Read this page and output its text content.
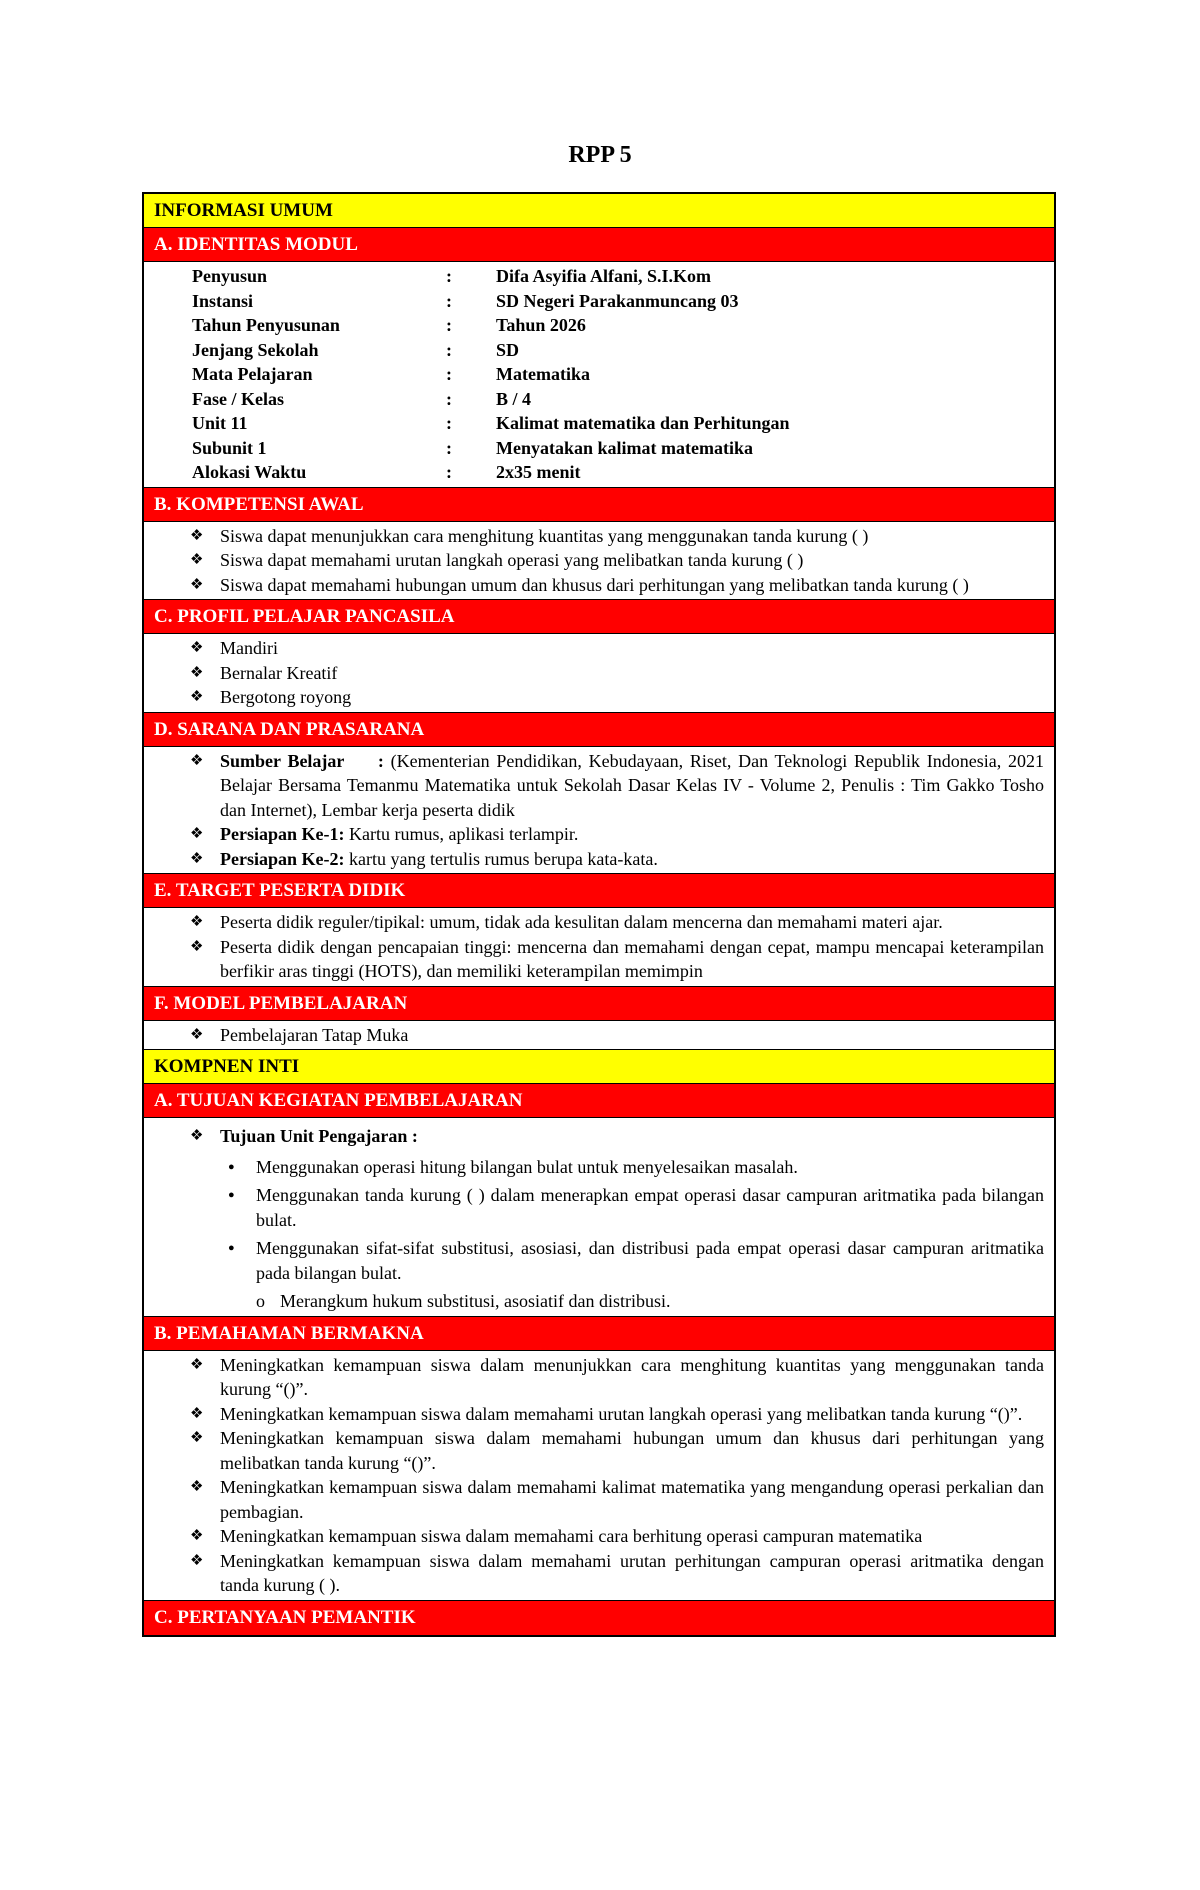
RPP 5
INFORMASI UMUM
A. IDENTITAS MODUL
Penyusun	:	Difa Asyifia Alfani, S.I.Kom
Instansi	:	SD Negeri Parakanmuncang 03
Tahun Penyusunan	:	Tahun 2026
Jenjang Sekolah	:	SD
Mata Pelajaran	:	Matematika
Fase / Kelas	:	B / 4
Unit 11	:	Kalimat matematika dan Perhitungan
Subunit 1	:	Menyatakan kalimat matematika
Alokasi Waktu	:	2x35 menit
B. KOMPETENSI AWAL
❖ Siswa dapat menunjukkan cara menghitung kuantitas yang menggunakan tanda kurung ( )
❖ Siswa dapat memahami urutan langkah operasi yang melibatkan tanda kurung ( )
❖ Siswa dapat memahami hubungan umum dan khusus dari perhitungan yang melibatkan tanda kurung ( )
C. PROFIL PELAJAR PANCASILA
❖ Mandiri
❖ Bernalar Kreatif
❖ Bergotong royong
D. SARANA DAN PRASARANA
❖ Sumber Belajar     : (Kementerian Pendidikan, Kebudayaan, Riset, Dan Teknologi Republik Indonesia, 2021 Belajar Bersama Temanmu Matematika untuk Sekolah Dasar Kelas IV - Volume 2, Penulis : Tim Gakko Tosho dan Internet), Lembar kerja peserta didik
❖ Persiapan Ke-1: Kartu rumus, aplikasi terlampir.
❖ Persiapan Ke-2: kartu yang tertulis rumus berupa kata-kata.
E. TARGET PESERTA DIDIK
❖ Peserta didik reguler/tipikal: umum, tidak ada kesulitan dalam mencerna dan memahami materi ajar.
❖ Peserta didik dengan pencapaian tinggi: mencerna dan memahami dengan cepat, mampu mencapai keterampilan berfikir aras tinggi (HOTS), dan memiliki keterampilan memimpin
F. MODEL PEMBELAJARAN
❖ Pembelajaran Tatap Muka
KOMPNEN INTI
A. TUJUAN KEGIATAN PEMBELAJARAN
❖ Tujuan Unit Pengajaran :
●	Menggunakan operasi hitung bilangan bulat untuk menyelesaikan masalah.
●	Menggunakan tanda kurung ( ) dalam menerapkan empat operasi dasar campuran aritmatika pada bilangan bulat.
●	Menggunakan sifat-sifat substitusi, asosiasi, dan distribusi pada empat operasi dasar campuran aritmatika pada bilangan bulat.
o Merangkum hukum substitusi, asosiatif dan distribusi.
B. PEMAHAMAN BERMAKNA
❖ Meningkatkan kemampuan siswa dalam menunjukkan cara menghitung kuantitas yang menggunakan tanda kurung “()”.
❖ Meningkatkan kemampuan siswa dalam memahami urutan langkah operasi yang melibatkan tanda kurung “()”.
❖ Meningkatkan kemampuan siswa dalam memahami hubungan umum dan khusus dari perhitungan yang melibatkan tanda kurung “()”.
❖ Meningkatkan kemampuan siswa dalam memahami kalimat matematika yang mengandung operasi perkalian dan pembagian.
❖ Meningkatkan kemampuan siswa dalam memahami cara berhitung operasi campuran matematika
❖ Meningkatkan kemampuan siswa dalam memahami urutan perhitungan campuran operasi aritmatika dengan tanda kurung ( ).
C. PERTANYAAN PEMANTIK
